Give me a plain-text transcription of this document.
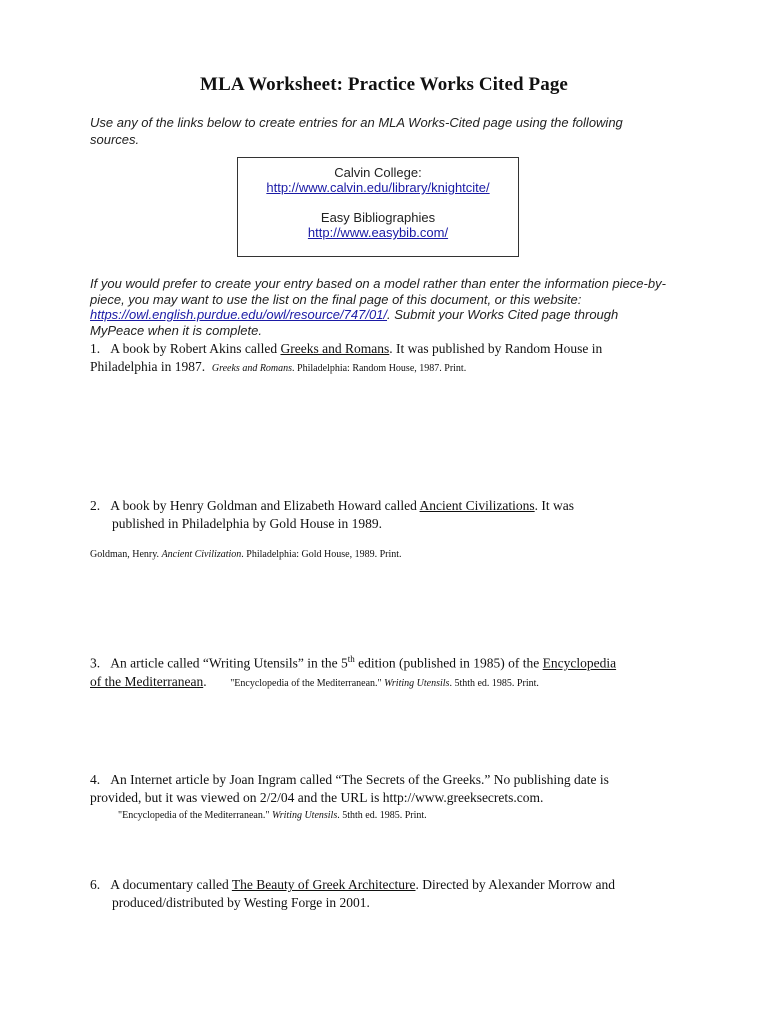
MLA Worksheet: Practice Works Cited Page
Use any of the links below to create entries for an MLA Works-Cited page using the following sources.
Calvin College:
http://www.calvin.edu/library/knightcite/
Easy Bibliographies
http://www.easybib.com/
If you would prefer to create your entry based on a model rather than enter the information piece-by-piece, you may want to use the list on the final page of this document, or this website: https://owl.english.purdue.edu/owl/resource/747/01/. Submit your Works Cited page through MyPeace when it is complete.
1. A book by Robert Akins called Greeks and Romans. It was published by Random House in
Philadelphia in 1987. Greeks and Romans. Philadelphia: Random House, 1987. Print.
2. A book by Henry Goldman and Elizabeth Howard called Ancient Civilizations. It was
published in Philadelphia by Gold House in 1989.
Goldman, Henry. Ancient Civilization. Philadelphia: Gold House, 1989. Print.
3. An article called “Writing Utensils” in the 5th edition (published in 1985) of the Encyclopedia
of the Mediterranean. "Encyclopedia of the Mediterranean." Writing Utensils. 5thth ed. 1985. Print.
4. An Internet article by Joan Ingram called “The Secrets of the Greeks.” No publishing date is
provided, but it was viewed on 2/2/04 and the URL is http://www.greeksecrets.com.
"Encyclopedia of the Mediterranean." Writing Utensils. 5thth ed. 1985. Print.
6. A documentary called The Beauty of Greek Architecture. Directed by Alexander Morrow and
produced/distributed by Westing Forge in 2001.
